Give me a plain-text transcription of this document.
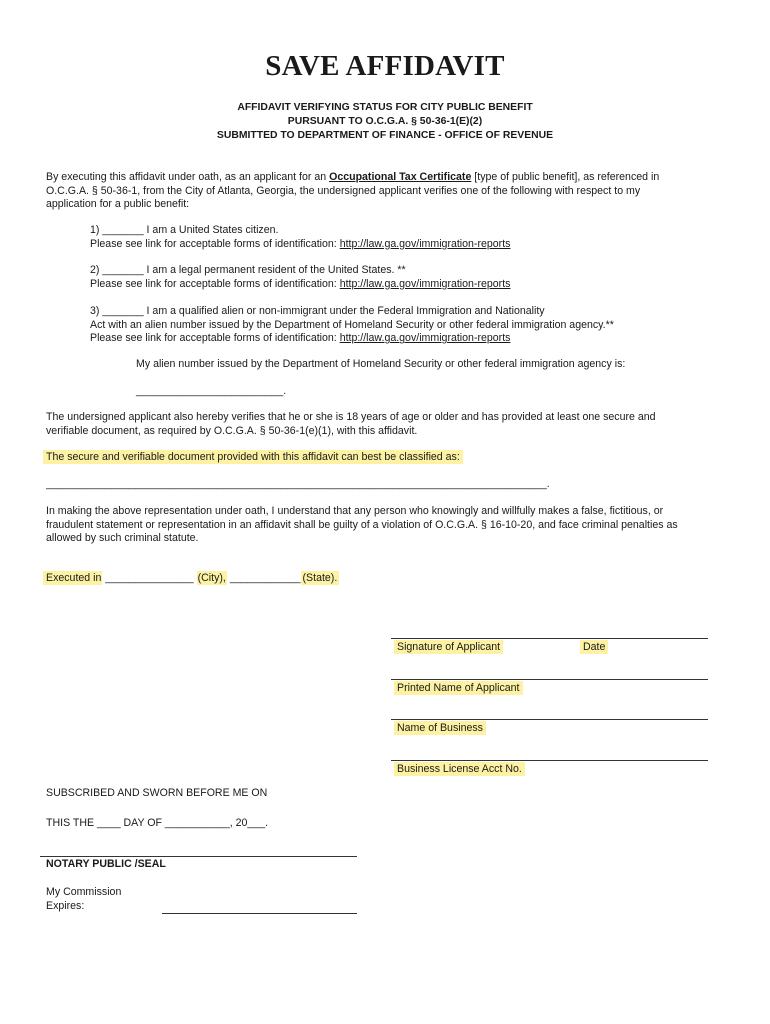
SAVE AFFIDAVIT
AFFIDAVIT VERIFYING STATUS FOR CITY PUBLIC BENEFIT
PURSUANT TO O.C.G.A. § 50-36-1(E)(2)
SUBMITTED TO DEPARTMENT OF FINANCE - OFFICE OF REVENUE
By executing this affidavit under oath, as an applicant for an Occupational Tax Certificate [type of public benefit], as referenced in
O.C.G.A. § 50-36-1, from the City of Atlanta, Georgia, the undersigned applicant verifies one of the following with respect to my
application for a public benefit:
1) _______ I am a United States citizen.
Please see link for acceptable forms of identification: http://law.ga.gov/immigration-reports
2) _______ I am a legal permanent resident of the United States. **
Please see link for acceptable forms of identification: http://law.ga.gov/immigration-reports
3) _______ I am a qualified alien or non-immigrant under the Federal Immigration and Nationality
Act with an alien number issued by the Department of Homeland Security or other federal immigration agency.**
Please see link for acceptable forms of identification: http://law.ga.gov/immigration-reports
My alien number issued by the Department of Homeland Security or other federal immigration agency is:
_________________________.
The undersigned applicant also hereby verifies that he or she is 18 years of age or older and has provided at least one secure and
verifiable document, as required by O.C.G.A. § 50-36-1(e)(1), with this affidavit.
The secure and verifiable document provided with this affidavit can best be classified as:
_____________________________________________________________________________________.
In making the above representation under oath, I understand that any person who knowingly and willfully makes a false, fictitious, or
fraudulent statement or representation in an affidavit shall be guilty of a violation of O.C.G.A. § 16-10-20, and face criminal penalties as
allowed by such criminal statute.
Executed in _______________ (City), ____________ (State).
Signature of Applicant	Date
Printed Name of Applicant
Name of Business
Business License Acct No.
SUBSCRIBED AND SWORN BEFORE ME ON
THIS THE ____ DAY OF ___________, 20___.
NOTARY PUBLIC /SEAL
My Commission
Expires:
